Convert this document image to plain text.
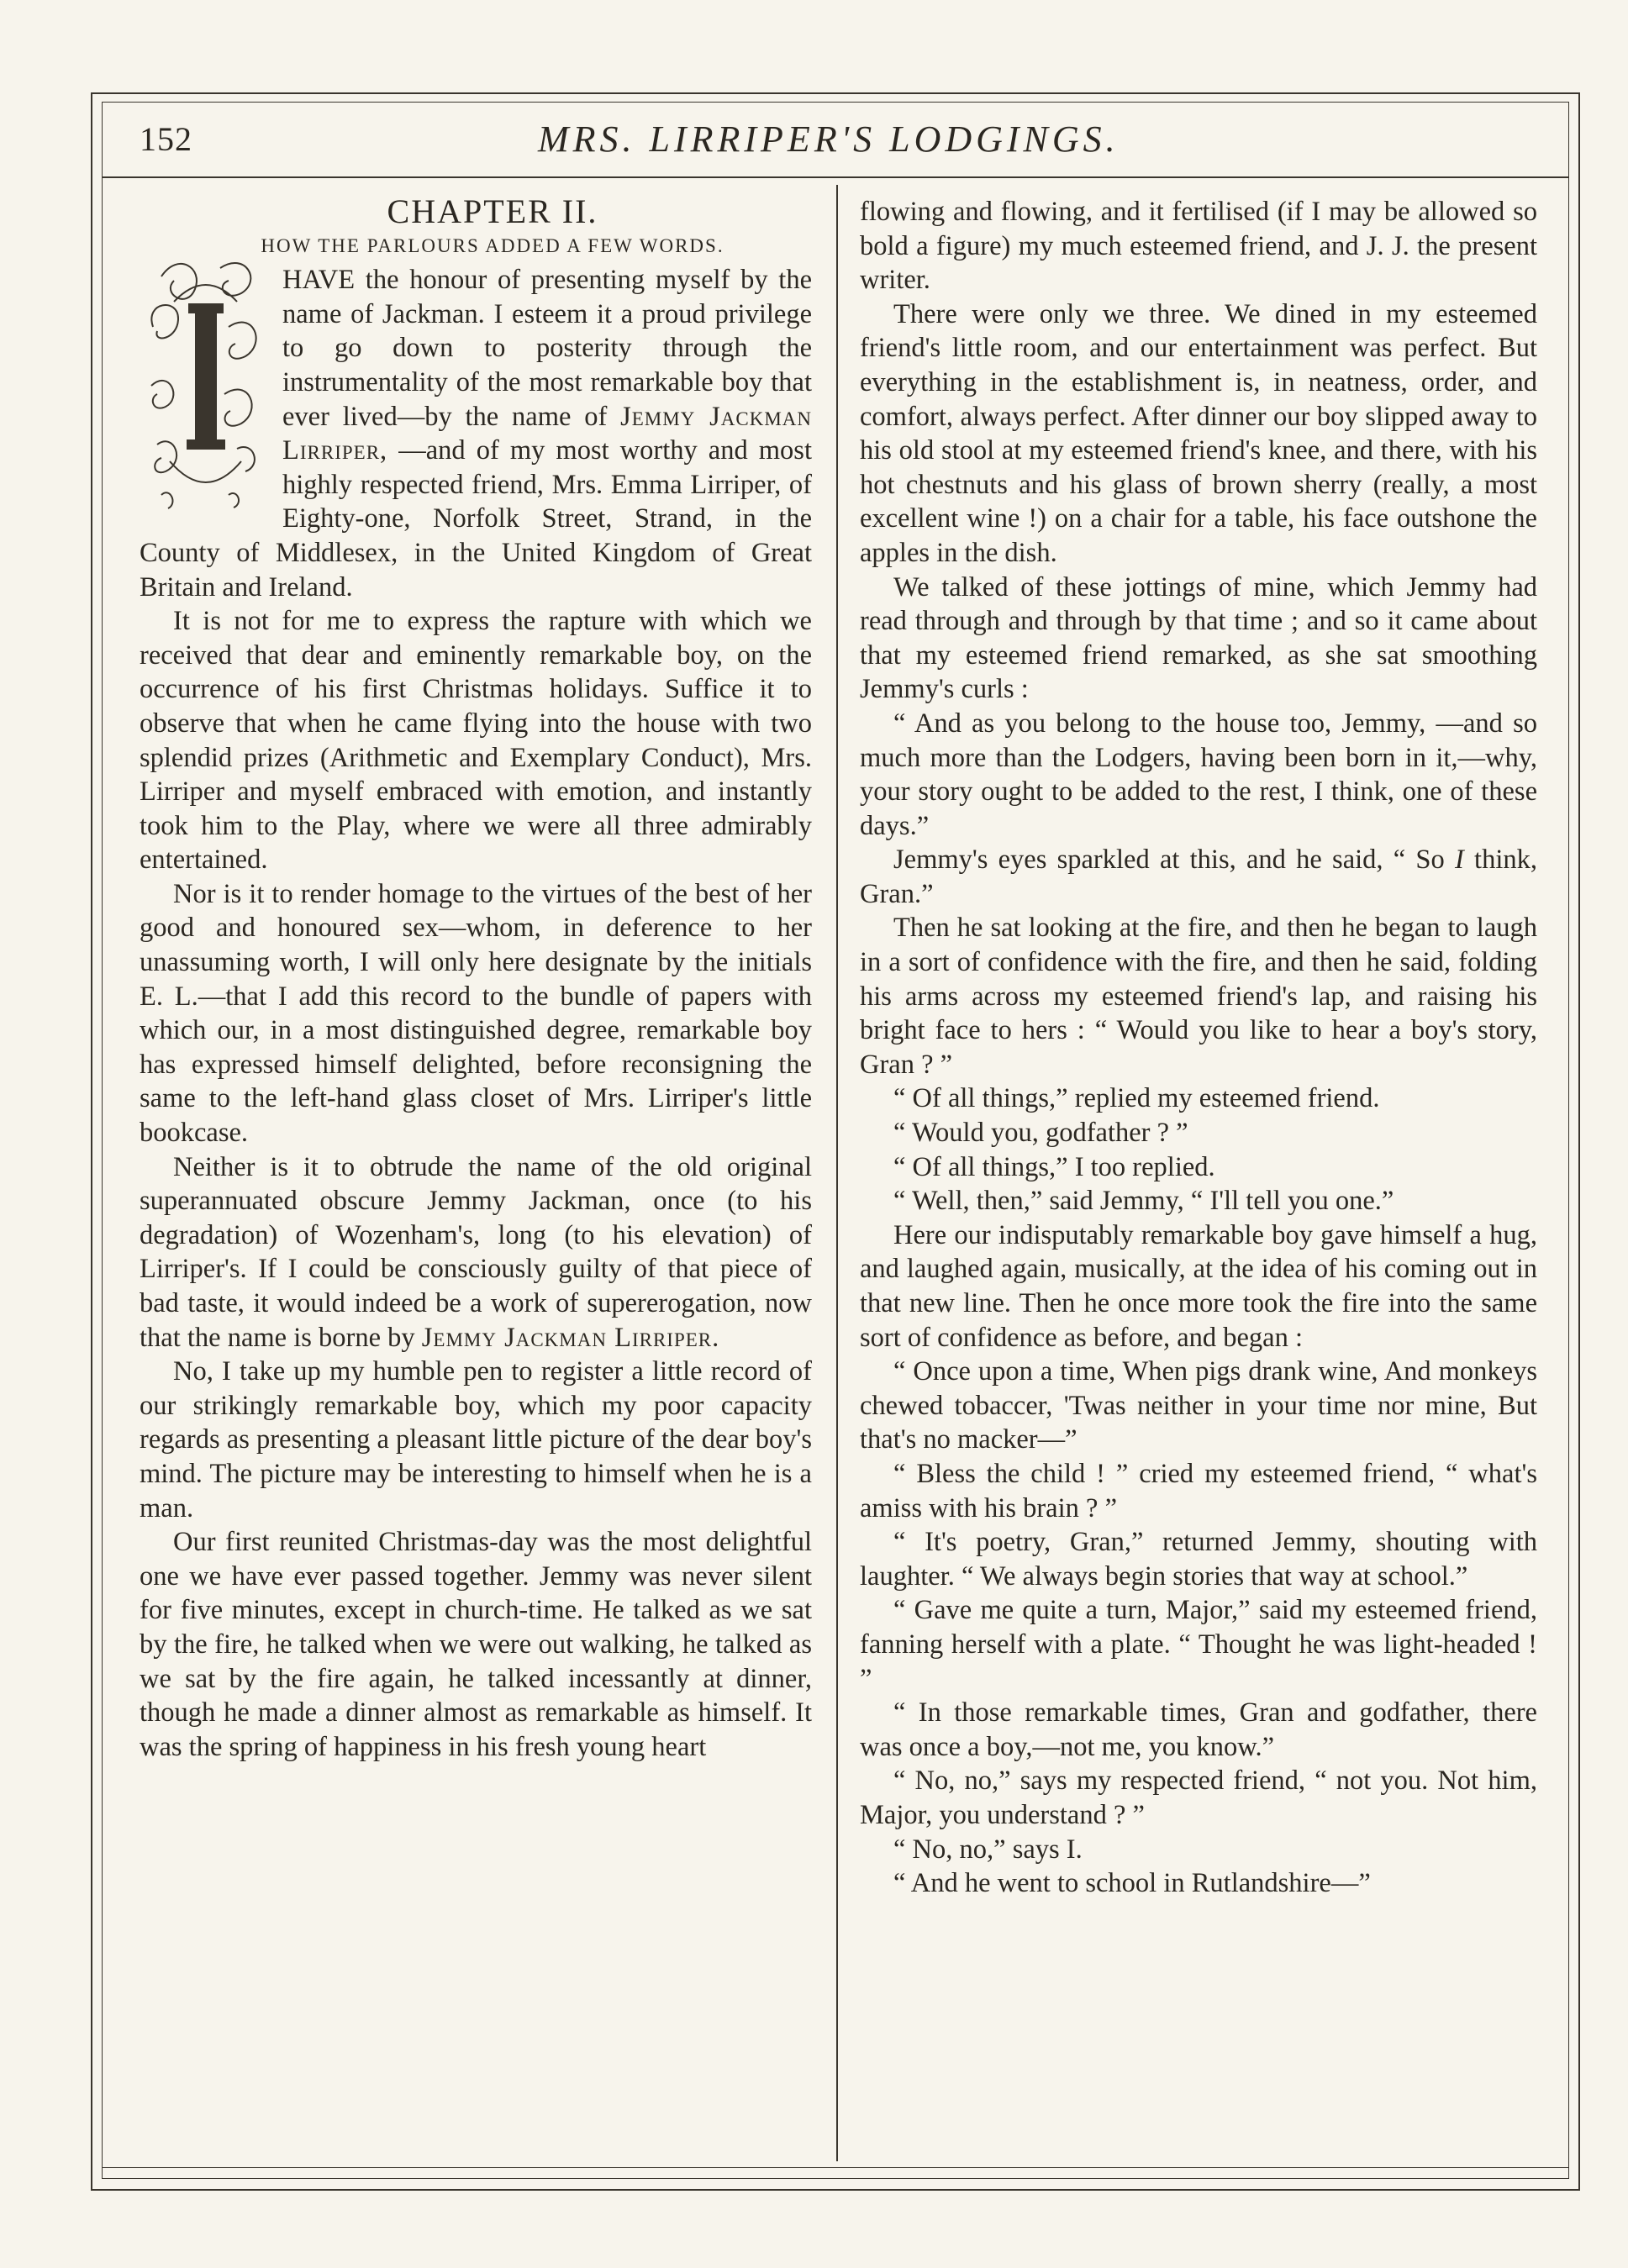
152	MRS. LIRRIPER'S LODGINGS.

CHAPTER II.

HOW THE PARLOURS ADDED A FEW WORDS.

HAVE the honour of presenting myself by the name of Jackman. I esteem it a proud privilege to go down to posterity through the instrumentality of the most remarkable boy that ever lived—by the name of Jemmy Jackman Lirriper, —and of my most worthy and most highly respected friend, Mrs. Emma Lirriper, of Eighty-one, Norfolk Street, Strand, in the County of Middlesex, in the United Kingdom of Great Britain and Ireland.

It is not for me to express the rapture with which we received that dear and eminently remarkable boy, on the occurrence of his first Christmas holidays. Suffice it to observe that when he came flying into the house with two splendid prizes (Arithmetic and Exemplary Conduct), Mrs. Lirriper and myself embraced with emotion, and instantly took him to the Play, where we were all three admirably entertained.

Nor is it to render homage to the virtues of the best of her good and honoured sex—whom, in deference to her unassuming worth, I will only here designate by the initials E. L.—that I add this record to the bundle of papers with which our, in a most distinguished degree, remarkable boy has expressed himself delighted, before reconsigning the same to the left-hand glass closet of Mrs. Lirriper's little bookcase.

Neither is it to obtrude the name of the old original superannuated obscure Jemmy Jackman, once (to his degradation) of Wozenham's, long (to his elevation) of Lirriper's. If I could be consciously guilty of that piece of bad taste, it would indeed be a work of supererogation, now that the name is borne by Jemmy Jackman Lirriper.

No, I take up my humble pen to register a little record of our strikingly remarkable boy, which my poor capacity regards as presenting a pleasant little picture of the dear boy's mind. The picture may be interesting to himself when he is a man.

Our first reunited Christmas-day was the most delightful one we have ever passed together. Jemmy was never silent for five minutes, except in church-time. He talked as we sat by the fire, he talked when we were out walking, he talked as we sat by the fire again, he talked incessantly at dinner, though he made a dinner almost as remarkable as himself. It was the spring of happiness in his fresh young heart

flowing and flowing, and it fertilised (if I may be allowed so bold a figure) my much esteemed friend, and J. J. the present writer.

There were only we three. We dined in my esteemed friend's little room, and our entertainment was perfect. But everything in the establishment is, in neatness, order, and comfort, always perfect. After dinner our boy slipped away to his old stool at my esteemed friend's knee, and there, with his hot chestnuts and his glass of brown sherry (really, a most excellent wine !) on a chair for a table, his face outshone the apples in the dish.

We talked of these jottings of mine, which Jemmy had read through and through by that time ; and so it came about that my esteemed friend remarked, as she sat smoothing Jemmy's curls :

“ And as you belong to the house too, Jemmy, —and so much more than the Lodgers, having been born in it,—why, your story ought to be added to the rest, I think, one of these days.”

Jemmy's eyes sparkled at this, and he said, “ So I think, Gran.”

Then he sat looking at the fire, and then he began to laugh in a sort of confidence with the fire, and then he said, folding his arms across my esteemed friend's lap, and raising his bright face to hers : “ Would you like to hear a boy's story, Gran ? ”

“ Of all things,” replied my esteemed friend.

“ Would you, godfather ? ”

“ Of all things,” I too replied.

“ Well, then,” said Jemmy, “ I'll tell you one.”

Here our indisputably remarkable boy gave himself a hug, and laughed again, musically, at the idea of his coming out in that new line. Then he once more took the fire into the same sort of confidence as before, and began :

“ Once upon a time, When pigs drank wine, And monkeys chewed tobaccer, 'Twas neither in your time nor mine, But that's no macker—”

“ Bless the child ! ” cried my esteemed friend, “ what's amiss with his brain ? ”

“ It's poetry, Gran,” returned Jemmy, shouting with laughter. “ We always begin stories that way at school.”

“ Gave me quite a turn, Major,” said my esteemed friend, fanning herself with a plate. “ Thought he was light-headed ! ”

“ In those remarkable times, Gran and godfather, there was once a boy,—not me, you know.”

“ No, no,” says my respected friend, “ not you. Not him, Major, you understand ? ”

“ No, no,” says I.

“ And he went to school in Rutlandshire—”
